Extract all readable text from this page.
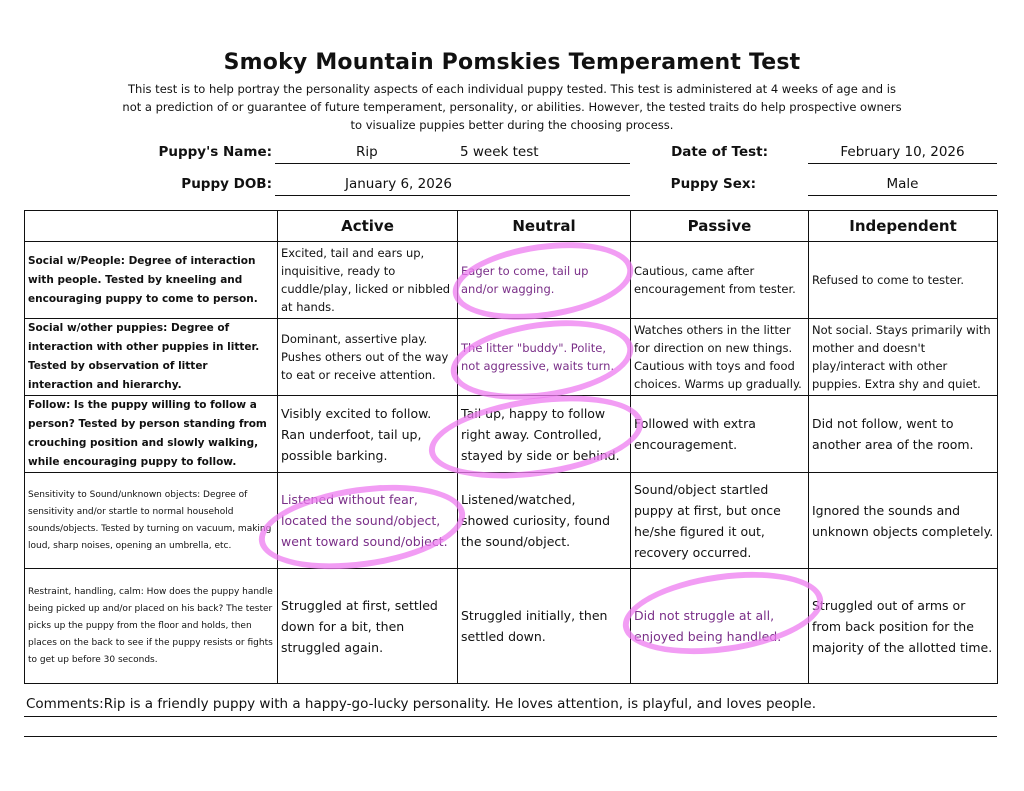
Smoky Mountain Pomskies Temperament Test
This test is to help portray the personality aspects of each individual puppy tested. This test is administered at 4 weeks of age and is not a prediction of or guarantee of future temperament, personality, or abilities. However, the tested traits do help prospective owners to visualize puppies better during the choosing process.
Puppy's Name:	Rip	5 week test	Date of Test:	February 10, 2026
Puppy DOB:	January 6, 2026	Puppy Sex:	Male
	Active	Neutral	Passive	Independent
Social w/People: Degree of interaction with people. Tested by kneeling and encouraging puppy to come to person.	Excited, tail and ears up, inquisitive, ready to cuddle/play, licked or nibbled at hands.	Eager to come, tail up and/or wagging.	Cautious, came after encouragement from tester.	Refused to come to tester.
Social w/other puppies: Degree of interaction with other puppies in litter. Tested by observation of litter interaction and hierarchy.	Dominant, assertive play. Pushes others out of the way to eat or receive attention.	The litter "buddy". Polite, not aggressive, waits turn.	Watches others in the litter for direction on new things. Cautious with toys and food choices. Warms up gradually.	Not social. Stays primarily with mother and doesn't play/interact with other puppies. Extra shy and quiet.
Follow: Is the puppy willing to follow a person? Tested by person standing from crouching position and slowly walking, while encouraging puppy to follow.	Visibly excited to follow. Ran underfoot, tail up, possible barking.	Tail up, happy to follow right away. Controlled, stayed by side or behind.	Followed with extra encouragement.	Did not follow, went to another area of the room.
Sensitivity to Sound/unknown objects: Degree of sensitivity and/or startle to normal household sounds/objects. Tested by turning on vacuum, making loud, sharp noises, opening an umbrella, etc.	Listened without fear, located the sound/object, went toward sound/object.	Listened/watched, showed curiosity, found the sound/object.	Sound/object startled puppy at first, but once he/she figured it out, recovery occurred.	Ignored the sounds and unknown objects completely.
Restraint, handling, calm: How does the puppy handle being picked up and/or placed on his back? The tester picks up the puppy from the floor and holds, then places on the back to see if the puppy resists or fights to get up before 30 seconds.	Struggled at first, settled down for a bit, then struggled again.	Struggled initially, then settled down.	Did not struggle at all, enjoyed being handled.	Struggled out of arms or from back position for the majority of the allotted time.
Comments:Rip is a friendly puppy with a happy-go-lucky personality. He loves attention, is playful, and loves people.
